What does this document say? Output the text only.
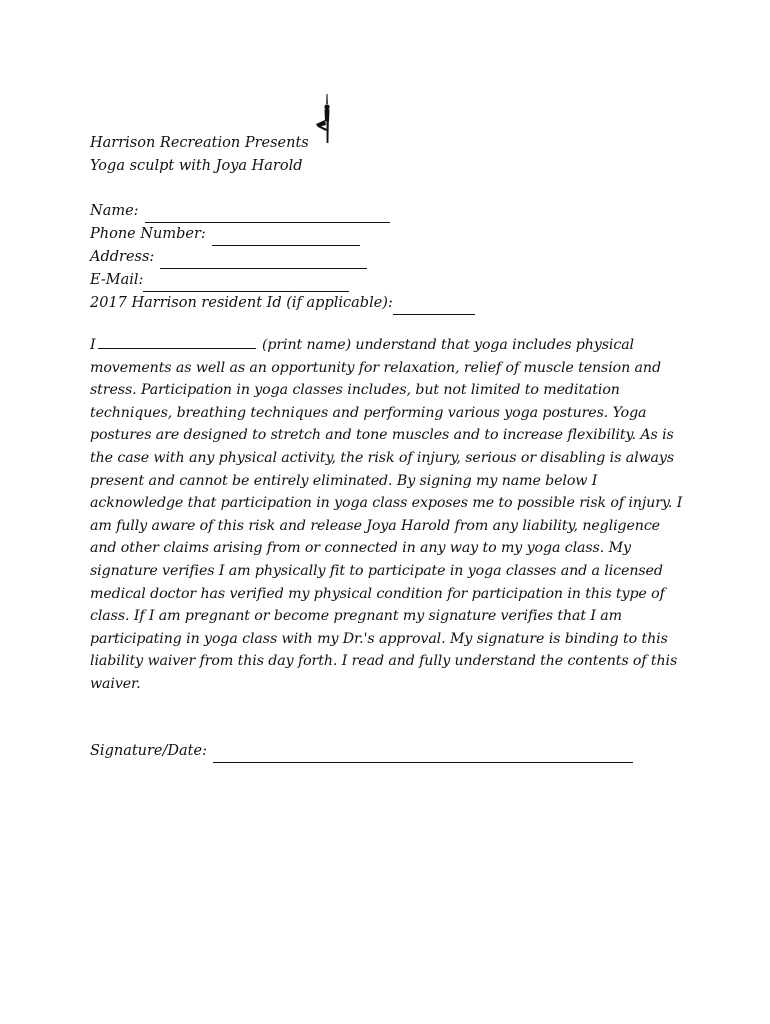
Harrison Recreation Presents
Yoga sculpt with Joya Harold
Name:
Phone Number:
Address:
E-Mail:
2017 Harrison resident Id (if applicable):

I	(print name) understand that yoga includes physical movements as well as an opportunity for relaxation, relief of muscle tension and stress. Participation in yoga classes includes, but not limited to meditation techniques, breathing techniques and performing various yoga postures. Yoga postures are designed to stretch and tone muscles and to increase flexibility. As is the case with any physical activity, the risk of injury, serious or disabling is always present and cannot be entirely eliminated. By signing my name below I acknowledge that participation in yoga class exposes me to possible risk of injury. I am fully aware of this risk and release Joya Harold from any liability, negligence and other claims arising from or connected in any way to my yoga class. My signature verifies I am physically fit to participate in yoga classes and a licensed medical doctor has verified my physical condition for participation in this type of class. If I am pregnant or become pregnant my signature verifies that I am participating in yoga class with my Dr.'s approval. My signature is binding to this liability waiver from this day forth. I read and fully understand the contents of this waiver.

Signature/Date:
